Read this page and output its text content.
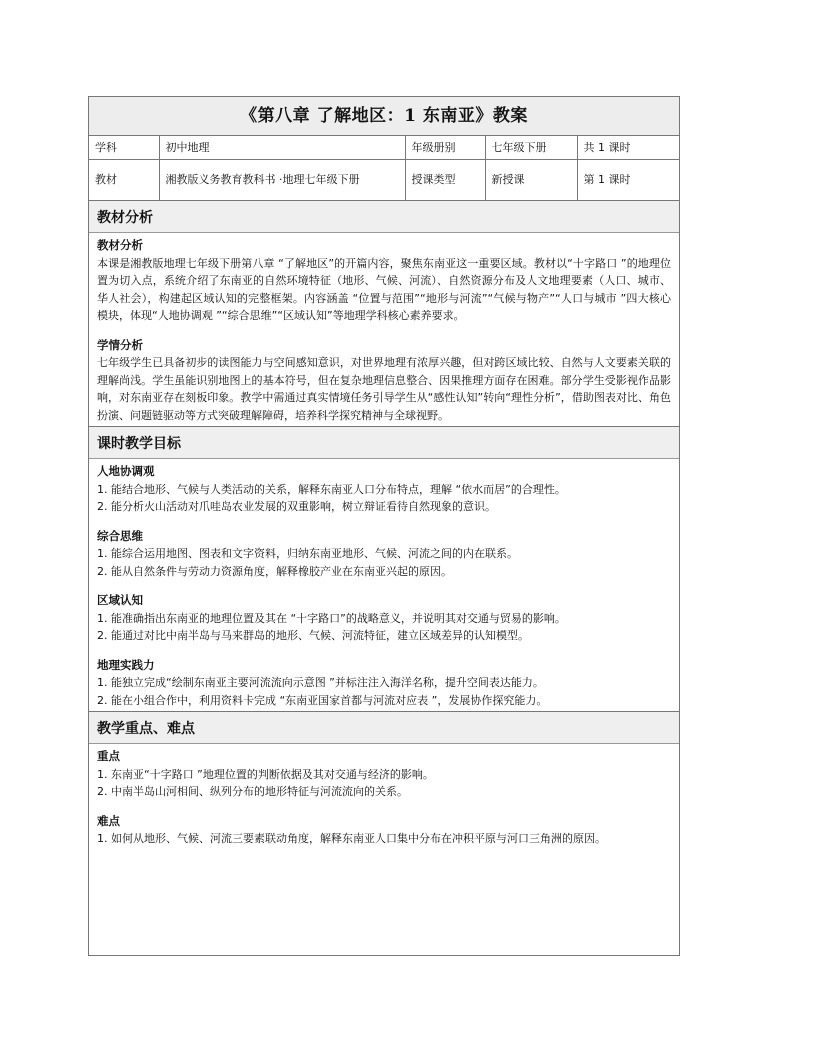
《第八章 了解地区：1 东南亚》教案
学科	初中地理	年级册别	七年级下册	共 1 课时
教材	湘教版义务教育教科书 ·地理七年级下册	授课类型	新授课	第 1 课时
教材分析
教材分析
本课是湘教版地理七年级下册第八章 “了解地区”的开篇内容，聚焦东南亚这一重要区域。教材以“十字路口 ”的地理位置为切入点，系统介绍了东南亚的自然环境特征（地形、气候、河流）、自然资源分布及人文地理要素（人口、城市、华人社会），构建起区域认知的完整框架。内容涵盖 “位置与范围”“地形与河流”“气候与物产”“人口与城市 ”四大核心模块，体现“人地协调观 ”“综合思维”“区域认知”等地理学科核心素养要求。
学情分析
七年级学生已具备初步的读图能力与空间感知意识，对世界地理有浓厚兴趣，但对跨区域比较、自然与人文要素关联的理解尚浅。学生虽能识别地图上的基本符号，但在复杂地理信息整合、因果推理方面存在困难。部分学生受影视作品影响，对东南亚存在刻板印象。教学中需通过真实情境任务引导学生从“感性认知”转向“理性分析”，借助图表对比、角色扮演、问题链驱动等方式突破理解障碍，培养科学探究精神与全球视野。
课时教学目标
人地协调观
1. 能结合地形、气候与人类活动的关系，解释东南亚人口分布特点，理解 “依水而居”的合理性。
2. 能分析火山活动对爪哇岛农业发展的双重影响，树立辩证看待自然现象的意识。
综合思维
1. 能综合运用地图、图表和文字资料，归纳东南亚地形、气候、河流之间的内在联系。
2. 能从自然条件与劳动力资源角度，解释橡胶产业在东南亚兴起的原因。
区域认知
1. 能准确指出东南亚的地理位置及其在 “十字路口”的战略意义，并说明其对交通与贸易的影响。
2. 能通过对比中南半岛与马来群岛的地形、气候、河流特征，建立区域差异的认知模型。
地理实践力
1. 能独立完成“绘制东南亚主要河流流向示意图 ”并标注注入海洋名称，提升空间表达能力。
2. 能在小组合作中，利用资料卡完成 “东南亚国家首都与河流对应表 ”，发展协作探究能力。
教学重点、难点
重点
1. 东南亚“十字路口 ”地理位置的判断依据及其对交通与经济的影响。
2. 中南半岛山河相间、纵列分布的地形特征与河流流向的关系。
难点
1. 如何从地形、气候、河流三要素联动角度，解释东南亚人口集中分布在冲积平原与河口三角洲的原因。
